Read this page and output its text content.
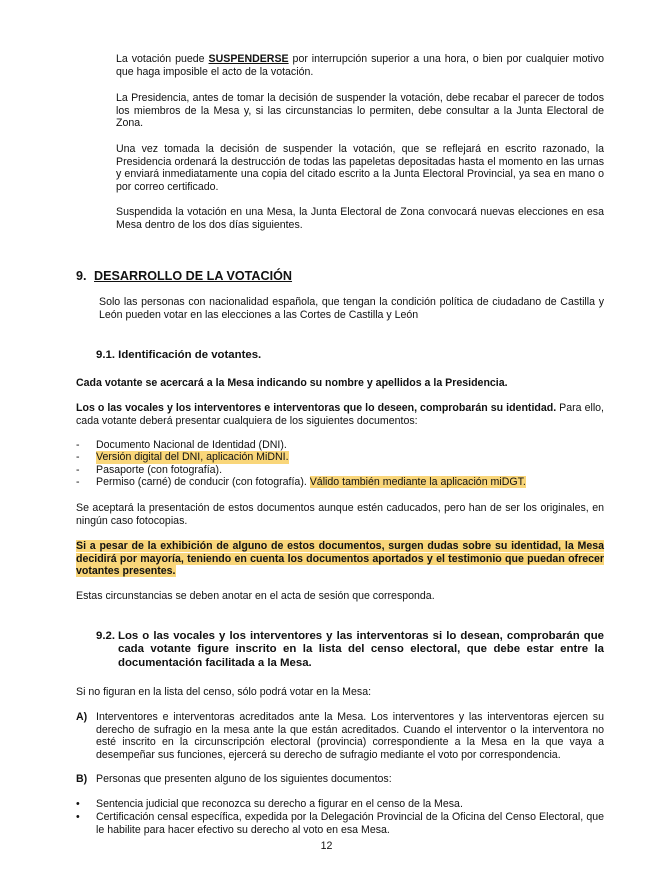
La votación puede SUSPENDERSE por interrupción superior a una hora, o bien por cualquier motivo que haga imposible el acto de la votación.

La Presidencia, antes de tomar la decisión de suspender la votación, debe recabar el parecer de todos los miembros de la Mesa y, si las circunstancias lo permiten, debe consultar a la Junta Electoral de Zona.

Una vez tomada la decisión de suspender la votación, que se reflejará en escrito razonado, la Presidencia ordenará la destrucción de todas las papeletas depositadas hasta el momento en las urnas y enviará inmediatamente una copia del citado escrito a la Junta Electoral Provincial, ya sea en mano o por correo certificado.

Suspendida la votación en una Mesa, la Junta Electoral de Zona convocará nuevas elecciones en esa Mesa dentro de los dos días siguientes.

9. DESARROLLO DE LA VOTACIÓN

Solo las personas con nacionalidad española, que tengan la condición política de ciudadano de Castilla y León pueden votar en las elecciones a las Cortes de Castilla y León

9.1. Identificación de votantes.

Cada votante se acercará a la Mesa indicando su nombre y apellidos a la Presidencia.

Los o las vocales y los interventores e interventoras que lo deseen, comprobarán su identidad. Para ello, cada votante deberá presentar cualquiera de los siguientes documentos:

- Documento Nacional de Identidad (DNI).
- Versión digital del DNI, aplicación MiDNI.
- Pasaporte (con fotografía).
- Permiso (carné) de conducir (con fotografía). Válido también mediante la aplicación miDGT.

Se aceptará la presentación de estos documentos aunque estén caducados, pero han de ser los originales, en ningún caso fotocopias.

Si a pesar de la exhibición de alguno de estos documentos, surgen dudas sobre su identidad, la Mesa decidirá por mayoría, teniendo en cuenta los documentos aportados y el testimonio que puedan ofrecer votantes presentes.

Estas circunstancias se deben anotar en el acta de sesión que corresponda.

9.2. Los o las vocales y los interventores y las interventoras si lo desean, comprobarán que cada votante figure inscrito en la lista del censo electoral, que debe estar entre la documentación facilitada a la Mesa.

Si no figuran en la lista del censo, sólo podrá votar en la Mesa:

A) Interventores e interventoras acreditados ante la Mesa. Los interventores y las interventoras ejercen su derecho de sufragio en la mesa ante la que están acreditados. Cuando el interventor o la interventora no esté inscrito en la circunscripción electoral (provincia) correspondiente a la Mesa en la que vaya a desempeñar sus funciones, ejercerá su derecho de sufragio mediante el voto por correspondencia.

B) Personas que presenten alguno de los siguientes documentos:

• Sentencia judicial que reconozca su derecho a figurar en el censo de la Mesa.

• Certificación censal específica, expedida por la Delegación Provincial de la Oficina del Censo Electoral, que le habilite para hacer efectivo su derecho al voto en esa Mesa.

12
